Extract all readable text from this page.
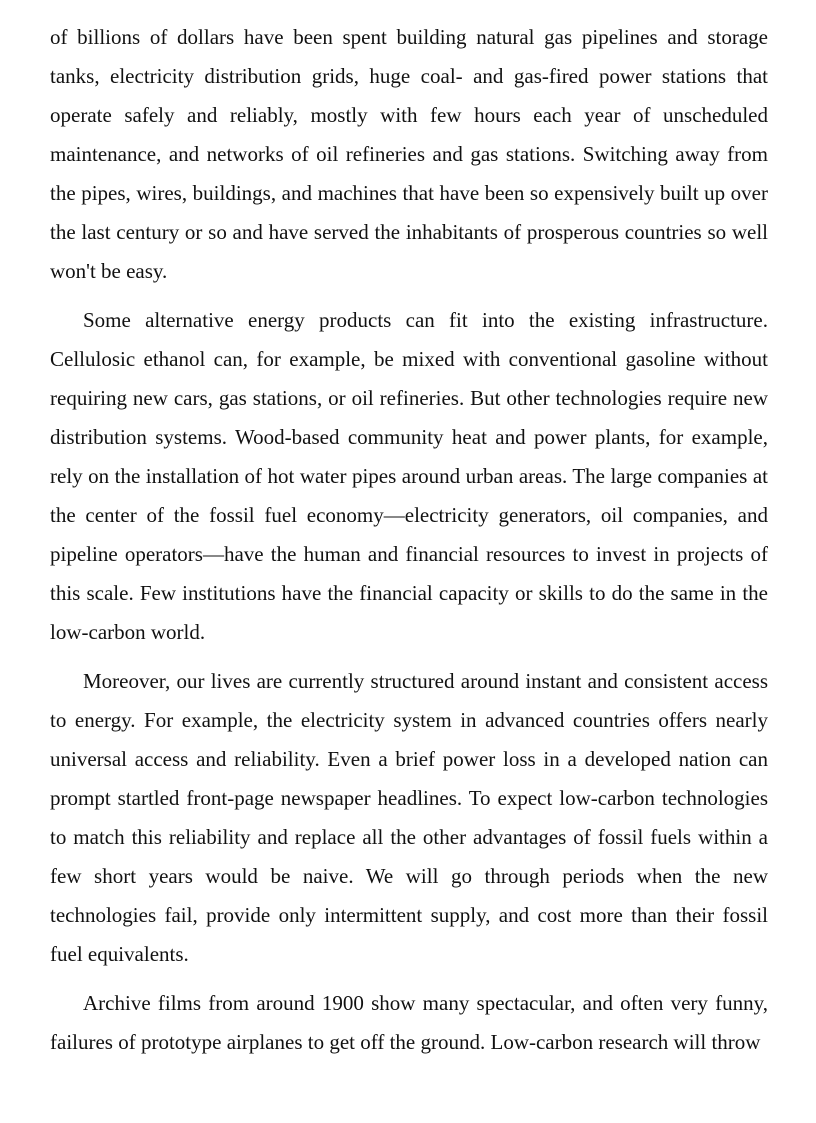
of billions of dollars have been spent building natural gas pipelines and storage tanks, electricity distribution grids, huge coal- and gas-fired power stations that operate safely and reliably, mostly with few hours each year of unscheduled maintenance, and networks of oil refineries and gas stations. Switching away from the pipes, wires, buildings, and machines that have been so expensively built up over the last century or so and have served the inhabitants of prosperous countries so well won't be easy.

Some alternative energy products can fit into the existing infrastructure. Cellulosic ethanol can, for example, be mixed with conventional gasoline without requiring new cars, gas stations, or oil refineries. But other technologies require new distribution systems. Wood-based community heat and power plants, for example, rely on the installation of hot water pipes around urban areas. The large companies at the center of the fossil fuel economy—electricity generators, oil companies, and pipeline operators—have the human and financial resources to invest in projects of this scale. Few institutions have the financial capacity or skills to do the same in the low-carbon world.

Moreover, our lives are currently structured around instant and consistent access to energy. For example, the electricity system in advanced countries offers nearly universal access and reliability. Even a brief power loss in a developed nation can prompt startled front-page newspaper headlines. To expect low-carbon technologies to match this reliability and replace all the other advantages of fossil fuels within a few short years would be naive. We will go through periods when the new technologies fail, provide only intermittent supply, and cost more than their fossil fuel equivalents.

Archive films from around 1900 show many spectacular, and often very funny, failures of prototype airplanes to get off the ground. Low-carbon research will throw
